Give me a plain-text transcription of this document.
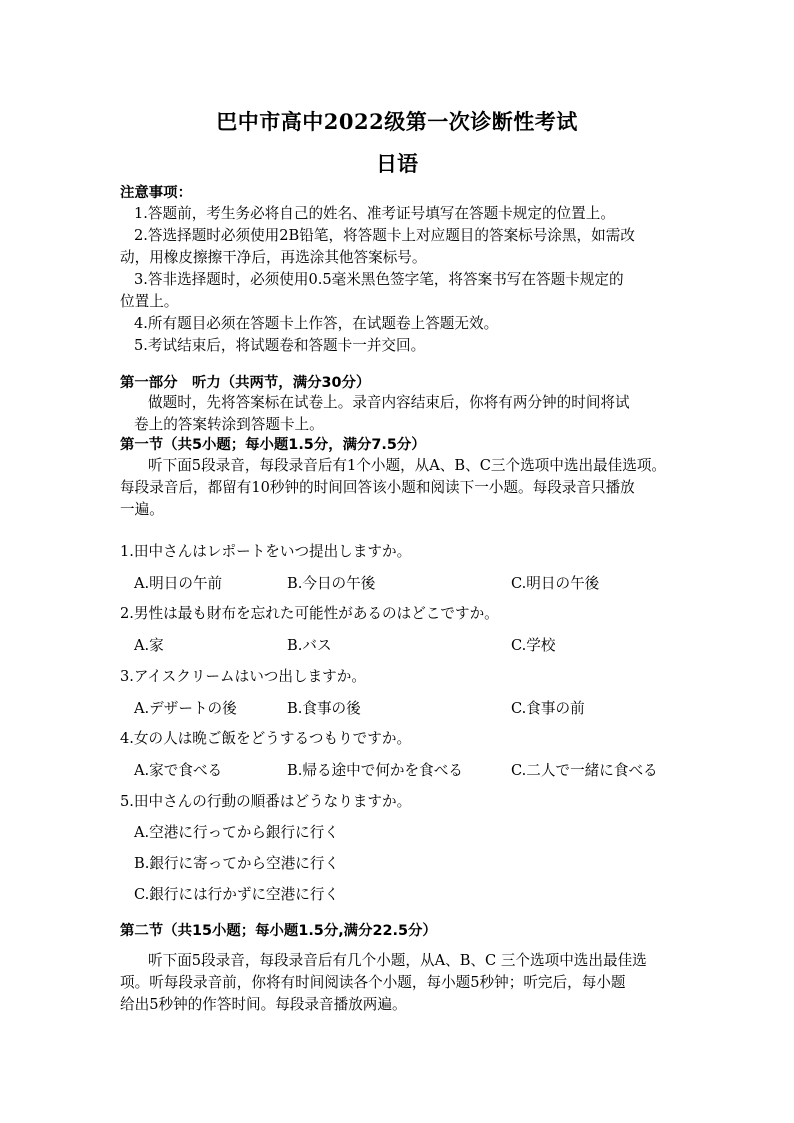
巴中市高中2022级第一次诊断性考试
日语
注意事项：
1.答题前，考生务必将自己的姓名、准考证号填写在答题卡规定的位置上。
2.答选择题时必须使用2B铅笔，将答题卡上对应题目的答案标号涂黑，如需改
动，用橡皮擦擦干净后，再选涂其他答案标号。
3.答非选择题时，必须使用0.5毫米黑色签字笔，将答案书写在答题卡规定的
位置上。
4.所有题目必须在答题卡上作答，在试题卷上答题无效。
5.考试结束后，将试题卷和答题卡一并交回。
第一部分　听力（共两节，满分30分）
做题时，先将答案标在试卷上。录音内容结束后，你将有两分钟的时间将试
卷上的答案转涂到答题卡上。
第一节（共5小题；每小题1.5分，满分7.5分）
听下面5段录音，每段录音后有1个小题，从A、B、C三个选项中选出最佳选项。
每段录音后，都留有10秒钟的时间回答该小题和阅读下一小题。每段录音只播放
一遍。
1.田中さんはレポートをいつ提出しますか。
A.明日の午前	B.今日の午後	C.明日の午後
2.男性は最も財布を忘れた可能性があるのはどこですか。
A.家	B.バス	C.学校
3.アイスクリームはいつ出しますか。
A.デザートの後	B.食事の後	C.食事の前
4.女の人は晩ご飯をどうするつもりですか。
A.家で食べる	B.帰る途中で何かを食べる	C.二人で一緒に食べる
5.田中さんの行動の順番はどうなりますか。
A.空港に行ってから銀行に行く
B.銀行に寄ってから空港に行く
C.銀行には行かずに空港に行く
第二节（共15小题；每小题1.5分,满分22.5分）
听下面5段录音，每段录音后有几个小题，从A、B、C 三个选项中选出最佳选
项。听每段录音前，你将有时间阅读各个小题，每小题5秒钟；听完后，每小题
给出5秒钟的作答时间。每段录音播放两遍。
